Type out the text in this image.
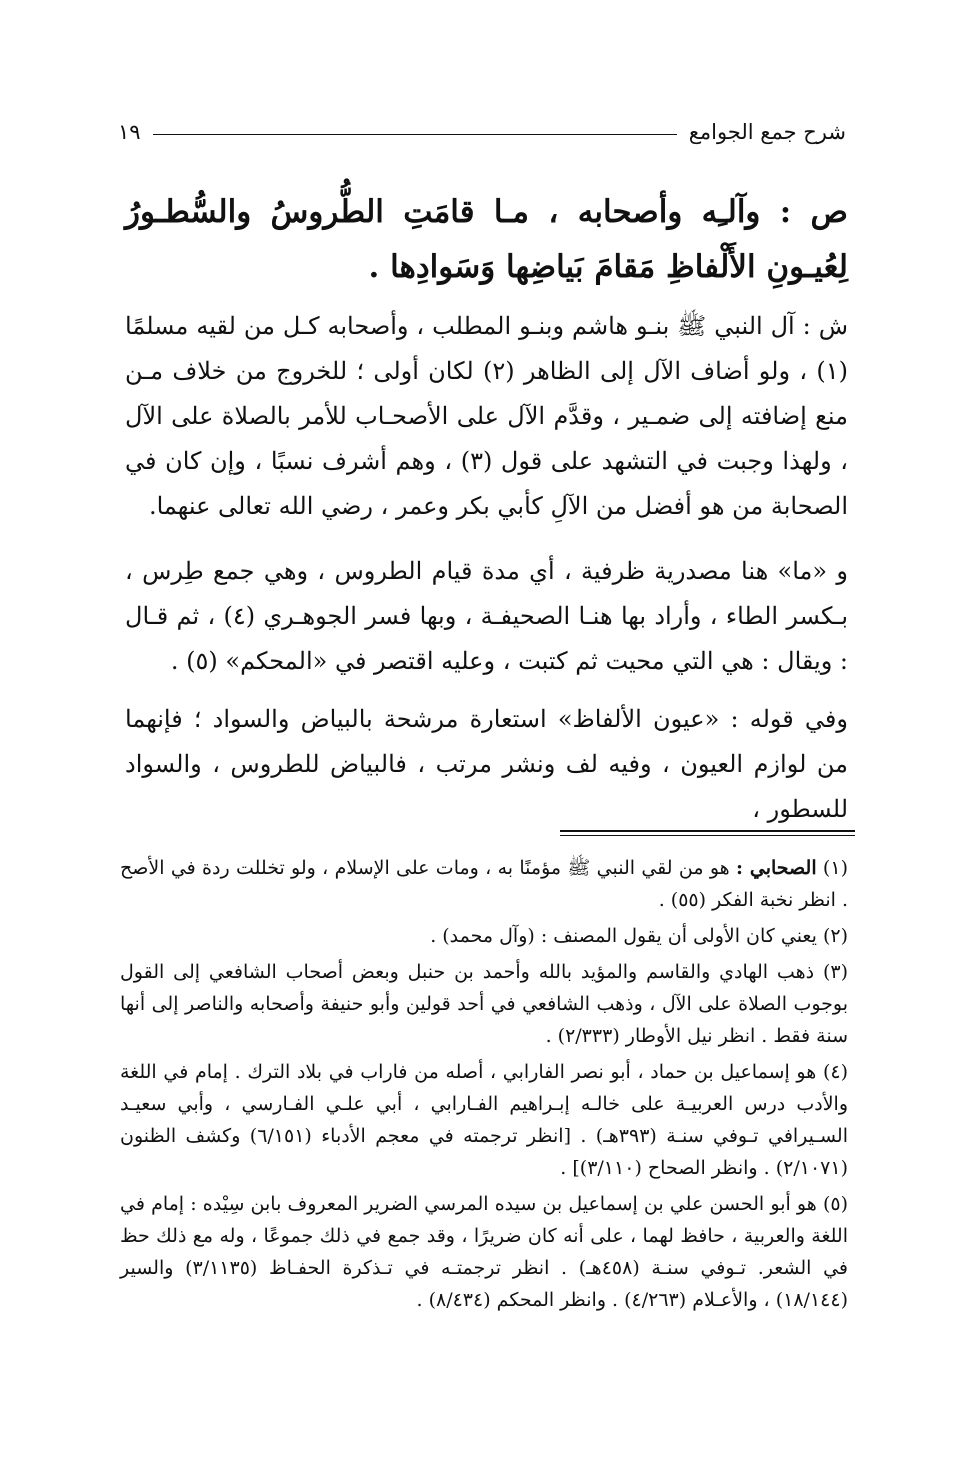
شرح جمع الجوامع
١٩
ص : وآلـِه وأصحابه ، مـا قامَتِ الطُّروسُ والسُّطـورُ لِعُيـونِ الأَلْفاظِ مَقامَ بَياضِها وَسَوادِها .
ش : آل النبي ﷺ بنـو هاشم وبنـو المطلب ، وأصحابه كـل من لقيه مسلمًا (١) ، ولو أضاف الآل إلى الظاهر (٢) لكان أولى ؛ للخروج من خلاف مـن منع إضافته إلى ضمـير ، وقدَّم الآل على الأصحـاب للأمر بالصلاة على الآل ، ولهذا وجبت في التشهد على قول (٣) ، وهم أشرف نسبًا ، وإن كان في الصحابة من هو أفضل من الآلِ كأبي بكر وعمر ، رضي الله تعالى عنهما.
و «ما» هنا مصدرية ظرفية ، أي مدة قيام الطروس ، وهي جمع طِرس ، بـكسر الطاء ، وأراد بها هنـا الصحيفـة ، وبها فسر الجوهـري (٤) ، ثم قـال : ويقال : هي التي محيت ثم كتبت ، وعليه اقتصر في «المحكم» (٥) .
وفي قوله : «عيون الألفاظ» استعارة مرشحة بالبياض والسواد ؛ فإنهما من لوازم العيون ، وفيه لف ونشر مرتب ، فالبياض للطروس ، والسواد للسطور ،

(١) الصحابي : هو من لقي النبي ﷺ مؤمنًا به ، ومات على الإسلام ، ولو تخللت ردة في الأصح . انظر نخبة الفكر (٥٥) .

(٢) يعني كان الأولى أن يقول المصنف : (وآل محمد) .

(٣) ذهب الهادي والقاسم والمؤيد بالله وأحمد بن حنبل وبعض أصحاب الشافعي إلى القول بوجوب الصلاة على الآل ، وذهب الشافعي في أحد قولين وأبو حنيفة وأصحابه والناصر إلى أنها سنة فقط . انظر نيل الأوطار (٢/٣٣٣) .

(٤) هو إسماعيل بن حماد ، أبو نصر الفارابي ، أصله من فاراب في بلاد الترك . إمام في اللغة والأدب درس العربيـة على خالـه إبـراهيم الفـارابي ، أبي علـي الفـارسي ، وأبي سعيـد السـيرافي تـوفي سنـة (٣٩٣هـ) . [انظر ترجمته في معجم الأدباء (٦/١٥١) وكشف الظنون (٢/١٠٧١) . وانظر الصحاح (٣/١١٠)] .

(٥) هو أبو الحسن علي بن إسماعيل بن سيده المرسي الضرير المعروف بابن سِيْده : إمام في اللغة والعربية ، حافظ لهما ، على أنه كان ضريرًا ، وقد جمع في ذلك جموعًا ، وله مع ذلك حظ في الشعر. تـوفي سنـة (٤٥٨هـ) . انظر ترجمتـه في تـذكرة الحفـاظ (٣/١١٣٥) والسير (١٨/١٤٤) ، والأعـلام (٤/٢٦٣) . وانظر المحكم (٨/٤٣٤) .
